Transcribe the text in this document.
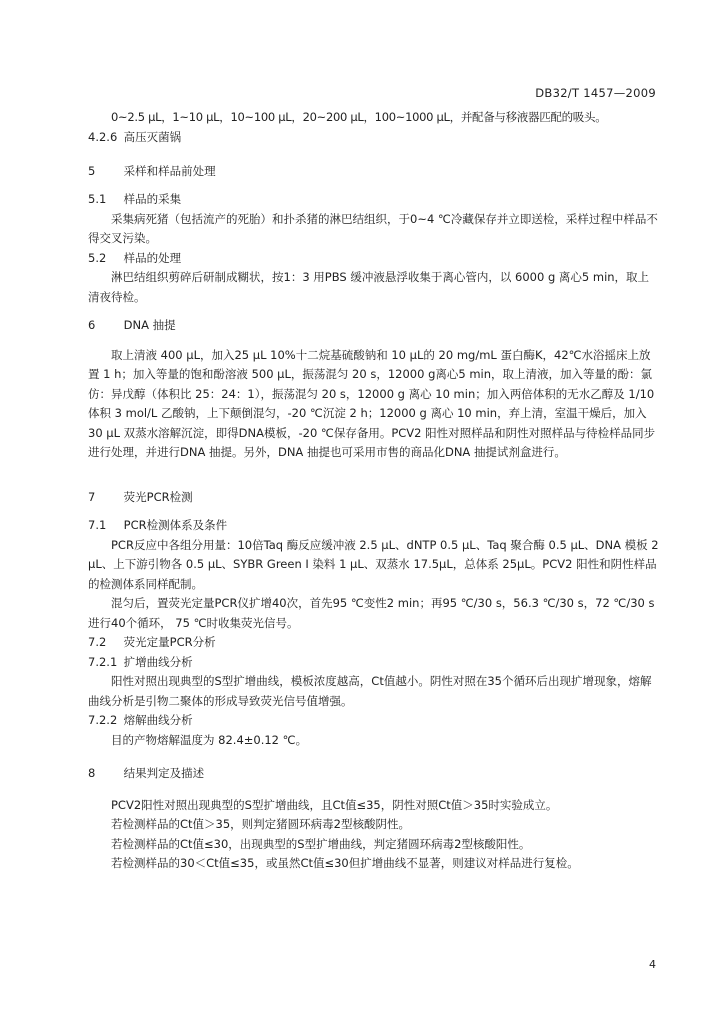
DB32/T 1457—2009

0~2.5 μL，1~10 μL，10~100 μL，20~200 μL，100~1000 μL，并配备与移液器匹配的吸头。

4.2.6 高压灭菌锅

5 采样和样品前处理

5.1 样品的采集

采集病死猪（包括流产的死胎）和扑杀猪的淋巴结组织，于0~4 ℃冷藏保存并立即送检，采样过程中样品不得交叉污染。

5.2 样品的处理

淋巴结组织剪碎后研制成糊状，按1：3 用PBS 缓冲液悬浮收集于离心管内，以 6000 g 离心5 min，取上清夜待检。

6 DNA 抽提

取上清液 400 μL，加入25 μL 10%十二烷基硫酸钠和 10 μL的 20 mg/mL 蛋白酶K，42℃水浴摇床上放置 1 h；加入等量的饱和酚溶液 500 μL，振荡混匀 20 s，12000 g离心5 min，取上清液，加入等量的酚：氯仿：异戊醇（体积比 25：24：1），振荡混匀 20 s，12000 g 离心 10 min；加入两倍体积的无水乙醇及 1/10 体积 3 mol/L 乙酸钠，上下颠倒混匀，-20 ℃沉淀 2 h；12000 g 离心 10 min，弃上清，室温干燥后，加入 30 μL 双蒸水溶解沉淀，即得DNA模板，-20 ℃保存备用。PCV2 阳性对照样品和阴性对照样品与待检样品同步进行处理，并进行DNA 抽提。另外，DNA 抽提也可采用市售的商品化DNA 抽提试剂盒进行。

7 荧光PCR检测

7.1 PCR检测体系及条件

PCR反应中各组分用量：10倍Taq 酶反应缓冲液 2.5 μL、dNTP 0.5 μL、Taq 聚合酶 0.5 μL、DNA 模板 2 μL、上下游引物各 0.5 μL、SYBR Green Ⅰ 染料 1 μL、双蒸水 17.5μL，总体系 25μL。PCV2 阳性和阴性样品的检测体系同样配制。

混匀后，置荧光定量PCR仪扩增40次，首先95 ℃变性2 min；再95 ℃/30 s，56.3 ℃/30 s，72 ℃/30 s 进行40个循环， 75 ℃时收集荧光信号。

7.2 荧光定量PCR分析

7.2.1 扩增曲线分析

阳性对照出现典型的S型扩增曲线，模板浓度越高，Ct值越小。阴性对照在35个循环后出现扩增现象，熔解曲线分析是引物二聚体的形成导致荧光信号值增强。

7.2.2 熔解曲线分析

目的产物熔解温度为 82.4±0.12 ℃。

8 结果判定及描述

PCV2阳性对照出现典型的S型扩增曲线，且Ct值≤35，阴性对照Ct值＞35时实验成立。

若检测样品的Ct值＞35，则判定猪圆环病毒2型核酸阴性。

若检测样品的Ct值≤30，出现典型的S型扩增曲线，判定猪圆环病毒2型核酸阳性。

若检测样品的30＜Ct值≤35，或虽然Ct值≤30但扩增曲线不显著，则建议对样品进行复检。

4
